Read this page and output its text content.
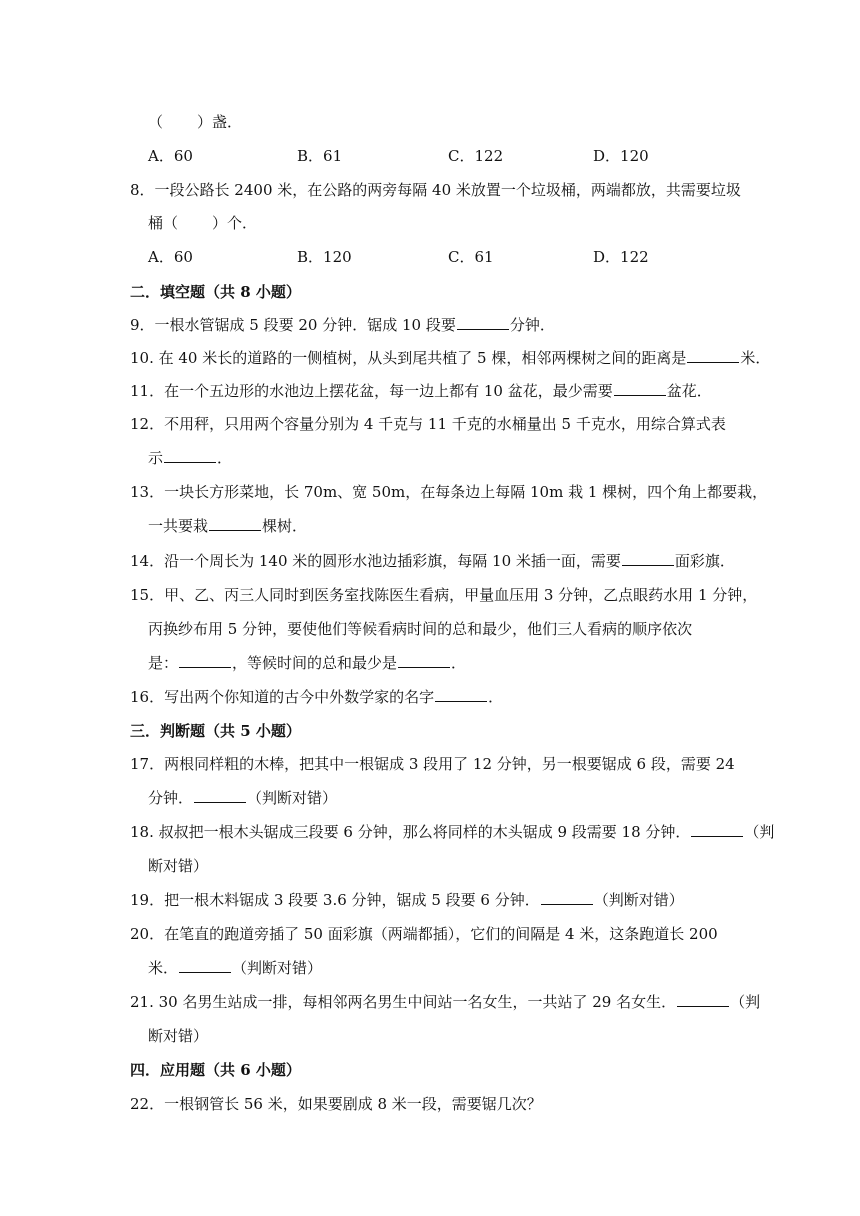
（ ）盏．
A．60	B．61	C．122	D．120
8．一段公路长 2400 米，在公路的两旁每隔 40 米放置一个垃圾桶，两端都放，共需要垃圾
桶（ ）个．
A．60	B．120	C．61	D．122
二．填空题（共 8 小题）
9．一根水管锯成 5 段要 20 分钟．锯成 10 段要	分钟．
10. 在 40 米长的道路的一侧植树，从头到尾共植了 5 棵，相邻两棵树之间的距离是	米．
11．在一个五边形的水池边上摆花盆，每一边上都有 10 盆花，最少需要	盆花．
12．不用秤，只用两个容量分别为 4 千克与 11 千克的水桶量出 5 千克水，用综合算式表
示	．
13．一块长方形菜地，长 70m、宽 50m，在每条边上每隔 10m 栽 1 棵树，四个角上都要栽，
一共要栽	棵树．
14．沿一个周长为 140 米的圆形水池边插彩旗，每隔 10 米插一面，需要	面彩旗．
15．甲、乙、丙三人同时到医务室找陈医生看病，甲量血压用 3 分钟，乙点眼药水用 1 分钟，
丙换纱布用 5 分钟，要使他们等候看病时间的总和最少，他们三人看病的顺序依次
是：	，等候时间的总和最少是	．
16．写出两个你知道的古今中外数学家的名字	．
三．判断题（共 5 小题）
17．两根同样粗的木棒，把其中一根锯成 3 段用了 12 分钟，另一根要锯成 6 段，需要 24
分钟．	（判断对错）
18. 叔叔把一根木头锯成三段要 6 分钟，那么将同样的木头锯成 9 段需要 18 分钟．	（判
断对错）
19．把一根木料锯成 3 段要 3.6 分钟，锯成 5 段要 6 分钟．	（判断对错）
20．在笔直的跑道旁插了 50 面彩旗（两端都插），它们的间隔是 4 米，这条跑道长 200
米．	（判断对错）
21. 30 名男生站成一排，每相邻两名男生中间站一名女生，一共站了 29 名女生．	（判
断对错）
四．应用题（共 6 小题）
22．一根钢管长 56 米，如果要剧成 8 米一段，需要锯几次？
